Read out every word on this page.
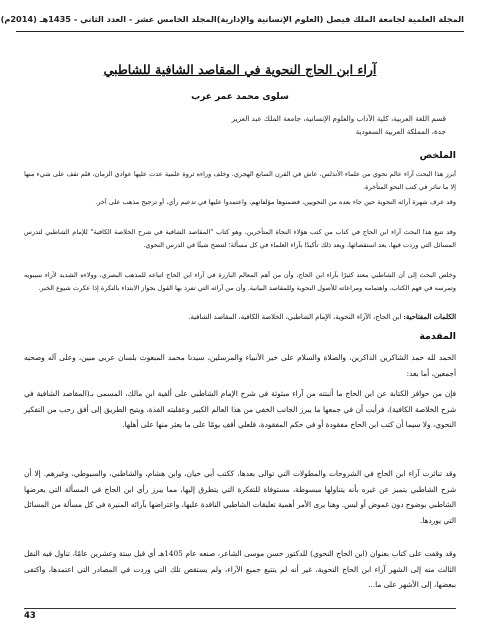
المجلة العلمية لجامعة الملك فيصل (العلوم الإنسانية والإدارية)
المجلد الخامس عشر - العدد الثاني - 1435هـ (2014م)
آراء ابن الحاج النحوية في المقاصد الشافية للشاطبي
سلوى محمد عمر عرب
قسم اللغة العربية، كلية الآداب والعلوم الإنسانية، جامعة الملك عبد العزيز
جدة، المملكة العربية السعودية
الملخص
أبرز هذا البحث آراء عالم نحوي من علماء الأندلس، عاش في القرن السابع الهجري، وخلف وراءه ثروة علمية عدت عليها عوادي الزمان، فلم تقف على شيء منها إلا ما تناثر في كتب النحو المتأخرة.
وقد عرف شهرة آرائه النحوية حين جاء بعده من النحويين، فضمنوها مؤلفاتهم، واعتمدوا عليها في تدعيم رأي، أو ترجيح مذهب على آخر.
وقد تتبع هذا البحث آراء ابن الحاج في كتاب من كتب هؤلاء النحاة المتأخرين، وهو كتاب "المقاصد الشافية في شرح الخلاصة الكافية" للإمام الشاطبي لتدرس المسائل التي وردت فيها، بعد استقصائها، ويعد ذلك تأكيدًا بآراء العلماء في كل مسألة؛ لتتضح شيئًا في الدرس النحوي.
وخلص البحث إلى أن الشاطبي معتد كثيرًا بآراء ابن الحاج، وأن من أهم المعالم البارزة في آراء ابن الحاج اتباعه للمذهب البصري، وولاءه الشديد لآراء سيبويه وتمرسه في فهم الكتاب، واهتمامه ومراعاته للأصول النحوية وللمقاصد البيانية. وأن من آرائه التي تفرد بها القول بجواز الابتداء بالنكرة إذا عكرت شيوع الخبر.
الكلمات المفتاحية: ابن الحاج، الآراء النحوية، الإمام الشاطبي، الخلاصة الكافية، المقاصد الشافية.
المقدمة
الحمد لله حمد الشاكرين الذاكرين، والصلاة والسلام على خير الأنبياء والمرسلين، سيدنا محمد المبعوث بلسان عربي مبين، وعلى آله وصحبه أجمعين، أما بعد:
فإن من حوافز الكتابة عن ابن الحاج ما أثبتته من آراء مبثوثة في شرح الإمام الشاطبي على ألفية ابن مالك، المسمى بـ(المقاصد الشافية في شرح الخلاصة الكافية)، فرأيت أن في جمعها ما يبرز الجانب الخفي من هذا العالم الكبير وعقليته الفذة، ويتيح الطريق إلى أفق رحب من التفكير النحوي، ولا سيما أن كتب ابن الحاج مفقودة أو في حكم المفقودة، فلعلي أقف يومًا على ما يعثر منها على أهلها.
وقد تناثرت آراء ابن الحاج في الشروحات والمطولات التي توالى بعدها، ككتب أبي حيان، وابن هشام، والشاطبي، والسيوطي، وغيرهم. إلا أن شرح الشاطبي يتميز عن غيره بأنه يتناولها مبسوطة، مستوفاة للتفكرة التي يتطرق إليها، مما يبرز رأي ابن الحاج في المسألة التي يعرضها الشاطبي بوضوح دون غموض أو لبس. وهنا يرى الأمر أهمية تعليقات الشاطبي الناقدة عليها، واعتراضها بآرائه المنيرة في كل مسألة من المسائل التي يوردها.
وقد وقفت على كتاب بعنوان (ابن الحاج النحوي) للدكتور حسن موسى الشاعر، صنعه عام 1405هـ أي قبل ستة وعشرين عامًا، تناول فيه النقل الثالث منه إلى الشهر آراء ابن الحاج النحوية، غير أنه لم يتتبع جميع الآراء، ولم يستقص تلك التي وردت في المصادر التي اعتمدها، واكتفى ببعضها، إلى الأشهر على ما...
43
